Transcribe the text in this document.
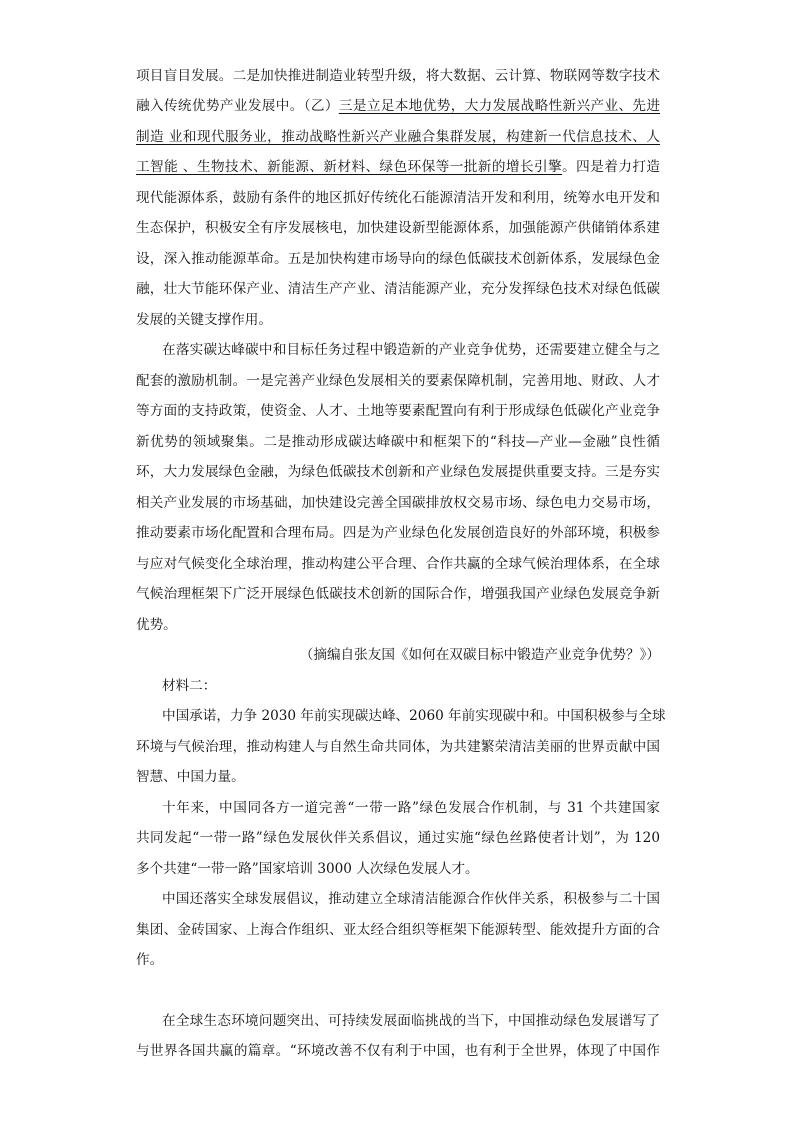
项目盲目发展。二是加快推进制造业转型升级，将大数据、云计算、物联网等数字技术
融入传统优势产业发展中。（乙）三是立足本地优势，大力发展战略性新兴产业、先进
制造 业和现代服务业，推动战略性新兴产业融合集群发展，构建新一代信息技术、人
工智能 、生物技术、新能源、新材料、绿色环保等一批新的增长引擎。四是着力打造
现代能源体系，鼓励有条件的地区抓好传统化石能源清洁开发和利用，统筹水电开发和
生态保护，积极安全有序发展核电，加快建设新型能源体系，加强能源产供储销体系建
设，深入推动能源革命。五是加快构建市场导向的绿色低碳技术创新体系，发展绿色金
融，壮大节能环保产业、清洁生产产业、清洁能源产业，充分发挥绿色技术对绿色低碳
发展的关键支撑作用。
在落实碳达峰碳中和目标任务过程中锻造新的产业竞争优势，还需要建立健全与之
配套的激励机制。一是完善产业绿色发展相关的要素保障机制，完善用地、财政、人才
等方面的支持政策，使资金、人才、土地等要素配置向有利于形成绿色低碳化产业竞争
新优势的领域聚集。二是推动形成碳达峰碳中和框架下的“科技—产业—金融”良性循
环，大力发展绿色金融，为绿色低碳技术创新和产业绿色发展提供重要支持。三是夯实
相关产业发展的市场基础，加快建设完善全国碳排放权交易市场、绿色电力交易市场，
推动要素市场化配置和合理布局。四是为产业绿色化发展创造良好的外部环境，积极参
与应对气候变化全球治理，推动构建公平合理、合作共赢的全球气候治理体系，在全球
气候治理框架下广泛开展绿色低碳技术创新的国际合作，增强我国产业绿色发展竞争新
优势。
（摘编自张友国《如何在双碳目标中锻造产业竞争优势？》）
材料二：
中国承诺，力争 2030 年前实现碳达峰、2060 年前实现碳中和。中国积极参与全球
环境与气候治理，推动构建人与自然生命共同体，为共建繁荣清洁美丽的世界贡献中国
智慧、中国力量。
十年来，中国同各方一道完善“一带一路”绿色发展合作机制，与 31 个共建国家
共同发起“一带一路”绿色发展伙伴关系倡议，通过实施“绿色丝路使者计划”，为 120
多个共建“一带一路”国家培训 3000 人次绿色发展人才。
中国还落实全球发展倡议，推动建立全球清洁能源合作伙伴关系，积极参与二十国
集团、金砖国家、上海合作组织、亚太经合组织等框架下能源转型、能效提升方面的合
作。
在全球生态环境问题突出、可持续发展面临挑战的当下，中国推动绿色发展谱写了
与世界各国共赢的篇章。“环境改善不仅有利于中国，也有利于全世界，体现了中国作
